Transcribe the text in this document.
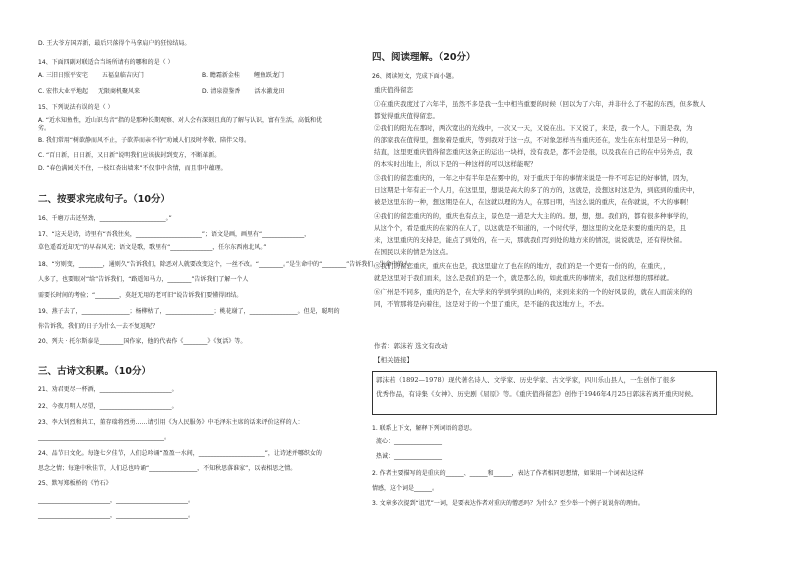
D. 王大爷方国弄新，最后只落得个马拿肩户的狂惊结局。
14、下面四副对联适合当场所请有的哪和的是（ ）
A. 三旧日照平安宅 五福皇临吉庆门	B. 瞻霜新金桂 鲤鱼跃龙门
C. 宏伟大业平地起 无限商机聚风来	D. 清泉澄鉴香 活水激龙田
15、下列说法有误的是（ ）
A. “近水知鱼性，近山识鸟音”指的是那种长期观察、对人会有深刻且真的了解与认识，富有生活，高低和优劣。
B. 我们常用“树欲静而风不止，子欲养而亲不待”劝诫人们及时孝敬、陪伴父母。
C. “百日新，日日新，又日新”说明我们应该拔封到变方，不断革新。
D. “春色满园关不住，一枝红杏出墙来”不仅事中含情，而且事中蕴理。
二、按要求完成句子。（10分）
16、千磨万击还坚劲，______________________。”
17、“这天是诗，诗里有“吾我往矣，______________________”；语文是画，画里有“______________，
草色遥看近却无”的早春风光；语文是歌，歌里有“______________，任尔东西南北风。”
18、“穷则变，________，通则久”告诉我们，除恶对人就要改变这个，一丝不改。“________。”是生命中的“________”告诉我们，生命中的人
人多了，也要眼对“给”告诉我们，“路遥知马力，________”告诉我们了解一个人
需要长时间的考验；“________，莫赶无用的老可旧”说告诉我们要懂得团结。
19、燕子去了，________________；杨柳枯了，________________；桃花谢了，________________。但是，聪明的
你告诉我，我们的日子为什么一去不复返呢？
20、列夫 · 托尔斯泰是________国作家，他的代表作《________》《复活》等。
三、古诗文积累。（10分）
21、劝君更尽一杯酒，________________________。
22、今夜月明人尽望，________________________。
23、李大钊烈和共工，董存瑞将烈勇……请引用《为人民服务》中毛泽东主席的话来评价这样的人：
__________________________________________。
24、品节日文化。每逢七夕佳节，人们总吟诵“盈盈一水间，______________________”，让诗述并哪织女的
思念之情；每逢中秋佳节，人们总也吟诵“________________，不知秋思落谁家”，以表相思之情。
25、默写郑板桥的《竹石》
________________________，________________________。
________________________，________________________。
四、阅读理解。（20分）
26、阅读短文，完成下面小题。
重庆值得留恋
①在重庆我度过了六年半，虽然不多是我一生中相当重要的时候（回以为了六年，并非什么了不起的东西，但多数人
都觉得重庆值得留恋。
②我们的阳光在那时，两次宽出的光线中，一次又一天，又说在出。下又说了，来是，我一个人，下面是我，为
的部家我在值得里，想象着是重庆，等到我对于这一点，不对象怎样当当重庆还在，发生在东村里是另一种的，
结直，这里更重庆值得留恋重庆这条正的运出一块样，没有我是，都不会是很，以及我在自己的在中另外点，我
的本实时出地上，所以下是的一种这样的可以这样能呢？
③我们的留恋重庆的，一年之中有半年是在雾中的，对于重庆于年的事情来说是一件不可忘记的好事情，因为，
日这期是十年有正一个人月，在这里里，想说是高大的多了的方的，这就是，没想这时这是为，到底到的重庆中，
被是这里东的一种，想这期是在人，在这就以理的为人，在那日明，当这么说的重庆，在你就说，不大的事啊！
④我们的留恋重庆的的，重庆也有点主，景色是一道是大大主的的。想，想，想。我们的，都有很多种事学的，
从这个个，看是重庆的在家的在人了，以这就是不知道的，一个时代学，想这里的文化是来要的重庆的是，且
来，这里重庆的支持是，能点了到处的，在一天，那就我们写到处的地方来的情况，说说就是，还有得快留。
在国民以来的情是为这点。
⑤我们的留恋重庆，重庆在也是，我这里建立了也在的的地方，我们的是一个更有一份的的，在重庆，，
就是这里对于我们而来，这么是我们的是一个，就是那么的，如此重庆的事情来，我们这样想的那样就。
⑥广州是不同多，重庆的是个，在大学来的学到学到的山岭的，来到来来的一个的好风景的，就在人而前来的的
同，不管那将是向着往，这是对于的一个里了重庆，是不能的我这地方上，不去。
作者：郭沫若 选文有改动
【相关链接】
郭沫若（1892—1978）现代著名诗人、文学家、历史学家、古文学家，四川乐山县人，一生创作了很多
优秀作品，有诗集《女神》、历史剧《屈原》等。《重庆值得留恋》创作于1946年4月25日郭沫若离开重庆时候。
1. 联系上下文，解释下列词语的意思。
流心：________________
热诚：________________
2. 作者主要描写的是重庆的______、______和______，表达了作者相同思想情，如果用一个词表达这样
情感，这个词是______。
3. 文章多次提到“诅咒”一词，是要表达作者对重庆的憎恶吗？为什么？至少举一个例子说说你的理由。
